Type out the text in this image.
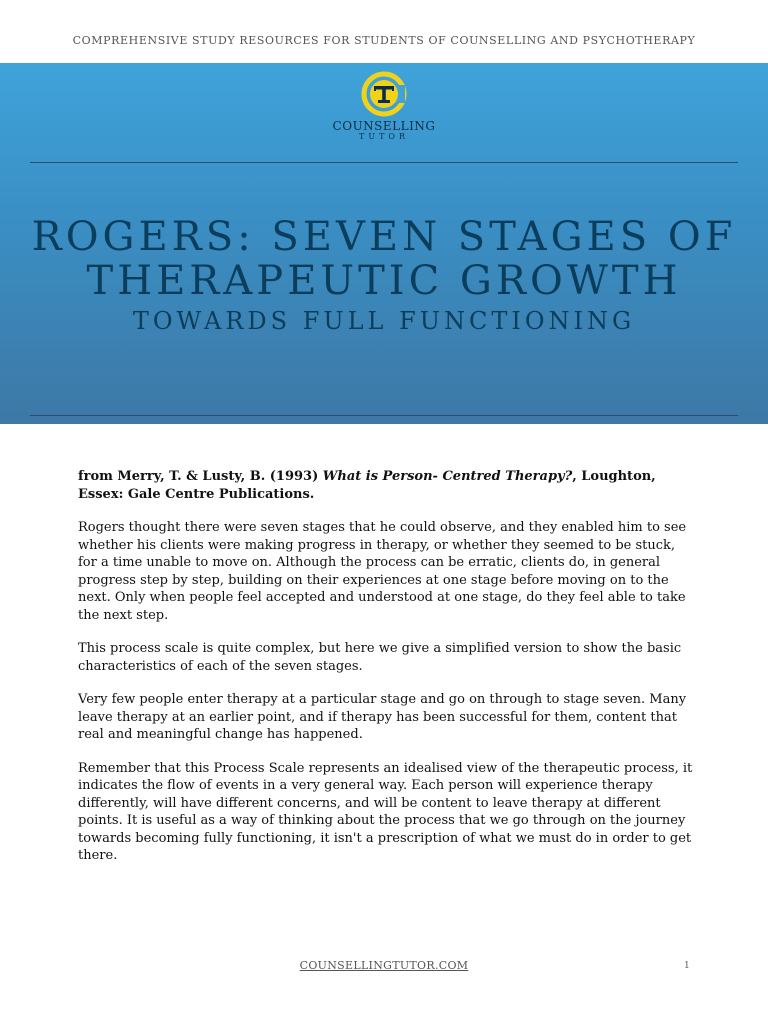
COMPREHENSIVE STUDY RESOURCES FOR STUDENTS OF COUNSELLING AND PSYCHOTHERAPY
COUNSELLING
TUTOR
ROGERS: SEVEN STAGES OF
THERAPEUTIC GROWTH
TOWARDS FULL FUNCTIONING

from Merry, T. & Lusty, B. (1993) What is Person- Centred Therapy?, Loughton, Essex: Gale Centre Publications.

Rogers thought there were seven stages that he could observe, and they enabled him to see whether his clients were making progress in therapy, or whether they seemed to be stuck, for a time unable to move on. Although the process can be erratic, clients do, in general progress step by step, building on their experiences at one stage before moving on to the next. Only when people feel accepted and understood at one stage, do they feel able to take the next step.

This process scale is quite complex, but here we give a simplified version to show the basic characteristics of each of the seven stages.

Very few people enter therapy at a particular stage and go on through to stage seven. Many leave therapy at an earlier point, and if therapy has been successful for them, content that real and meaningful change has happened.

Remember that this Process Scale represents an idealised view of the therapeutic process, it indicates the flow of events in a very general way. Each person will experience therapy differently, will have different concerns, and will be content to leave therapy at different points. It is useful as a way of thinking about the process that we go through on the journey towards becoming fully functioning, it isn't a prescription of what we must do in order to get there.

COUNSELLINGTUTOR.COM	1
